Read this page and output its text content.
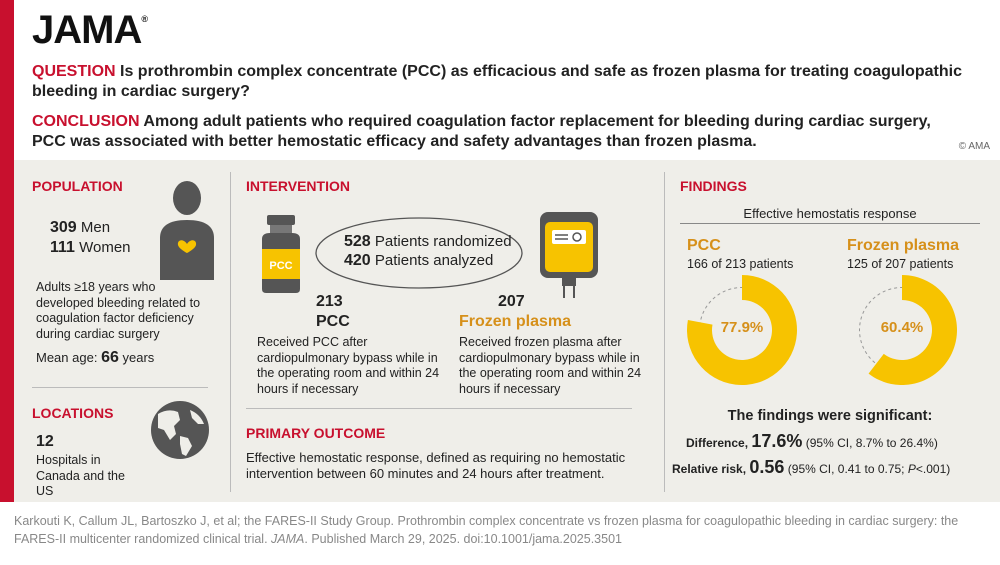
JAMA®
QUESTION Is prothrombin complex concentrate (PCC) as efficacious and safe as frozen plasma for treating coagulopathic bleeding in cardiac surgery?
CONCLUSION Among adult patients who required coagulation factor replacement for bleeding during cardiac surgery, PCC was associated with better hemostatic efficacy and safety advantages than frozen plasma.	© AMA
POPULATION
309 Men
111 Women
Adults ≥18 years who developed bleeding related to coagulation factor deficiency during cardiac surgery
Mean age: 66 years
LOCATIONS
12
Hospitals in Canada and the US
INTERVENTION
PCC
528 Patients randomized
420 Patients analyzed
213
PCC
Received PCC after cardiopulmonary bypass while in the operating room and within 24 hours if necessary
207
Frozen plasma
Received frozen plasma after cardiopulmonary bypass while in the operating room and within 24 hours if necessary
PRIMARY OUTCOME
Effective hemostatic response, defined as requiring no hemostatic intervention between 60 minutes and 24 hours after treatment.
FINDINGS
Effective hemostatis response
PCC
166 of 213 patients
Frozen plasma
125 of 207 patients
77.9%	60.4%
The findings were significant:
Difference, 17.6% (95% CI, 8.7% to 26.4%)
Relative risk, 0.56 (95% CI, 0.41 to 0.75; P<.001)
Karkouti K, Callum JL, Bartoszko J, et al; the FARES-II Study Group. Prothrombin complex concentrate vs frozen plasma for coagulopathic bleeding in cardiac surgery: the FARES-II multicenter randomized clinical trial. JAMA. Published March 29, 2025. doi:10.1001/jama.2025.3501
